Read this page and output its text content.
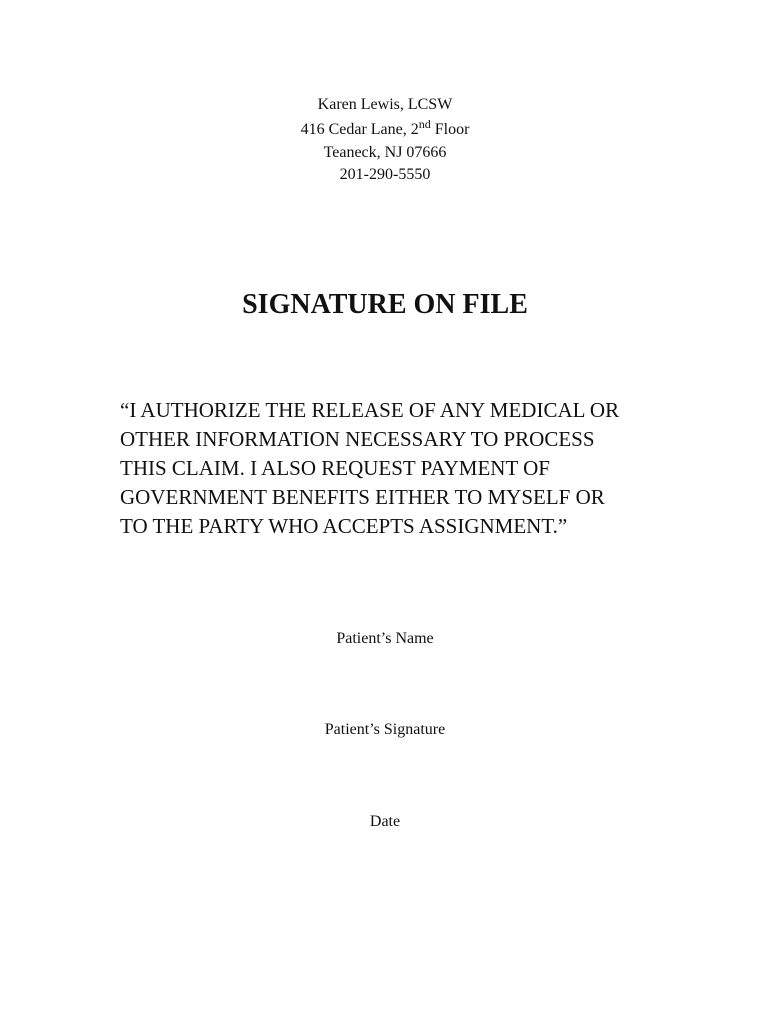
Karen Lewis, LCSW
416 Cedar Lane, 2nd Floor
Teaneck, NJ 07666
201-290-5550
SIGNATURE ON FILE
“I AUTHORIZE THE RELEASE OF ANY MEDICAL OR
OTHER INFORMATION NECESSARY TO PROCESS
THIS CLAIM. I ALSO REQUEST PAYMENT OF
GOVERNMENT BENEFITS EITHER TO MYSELF OR
TO THE PARTY WHO ACCEPTS ASSIGNMENT.”
Patient’s Name
Patient’s Signature
Date
